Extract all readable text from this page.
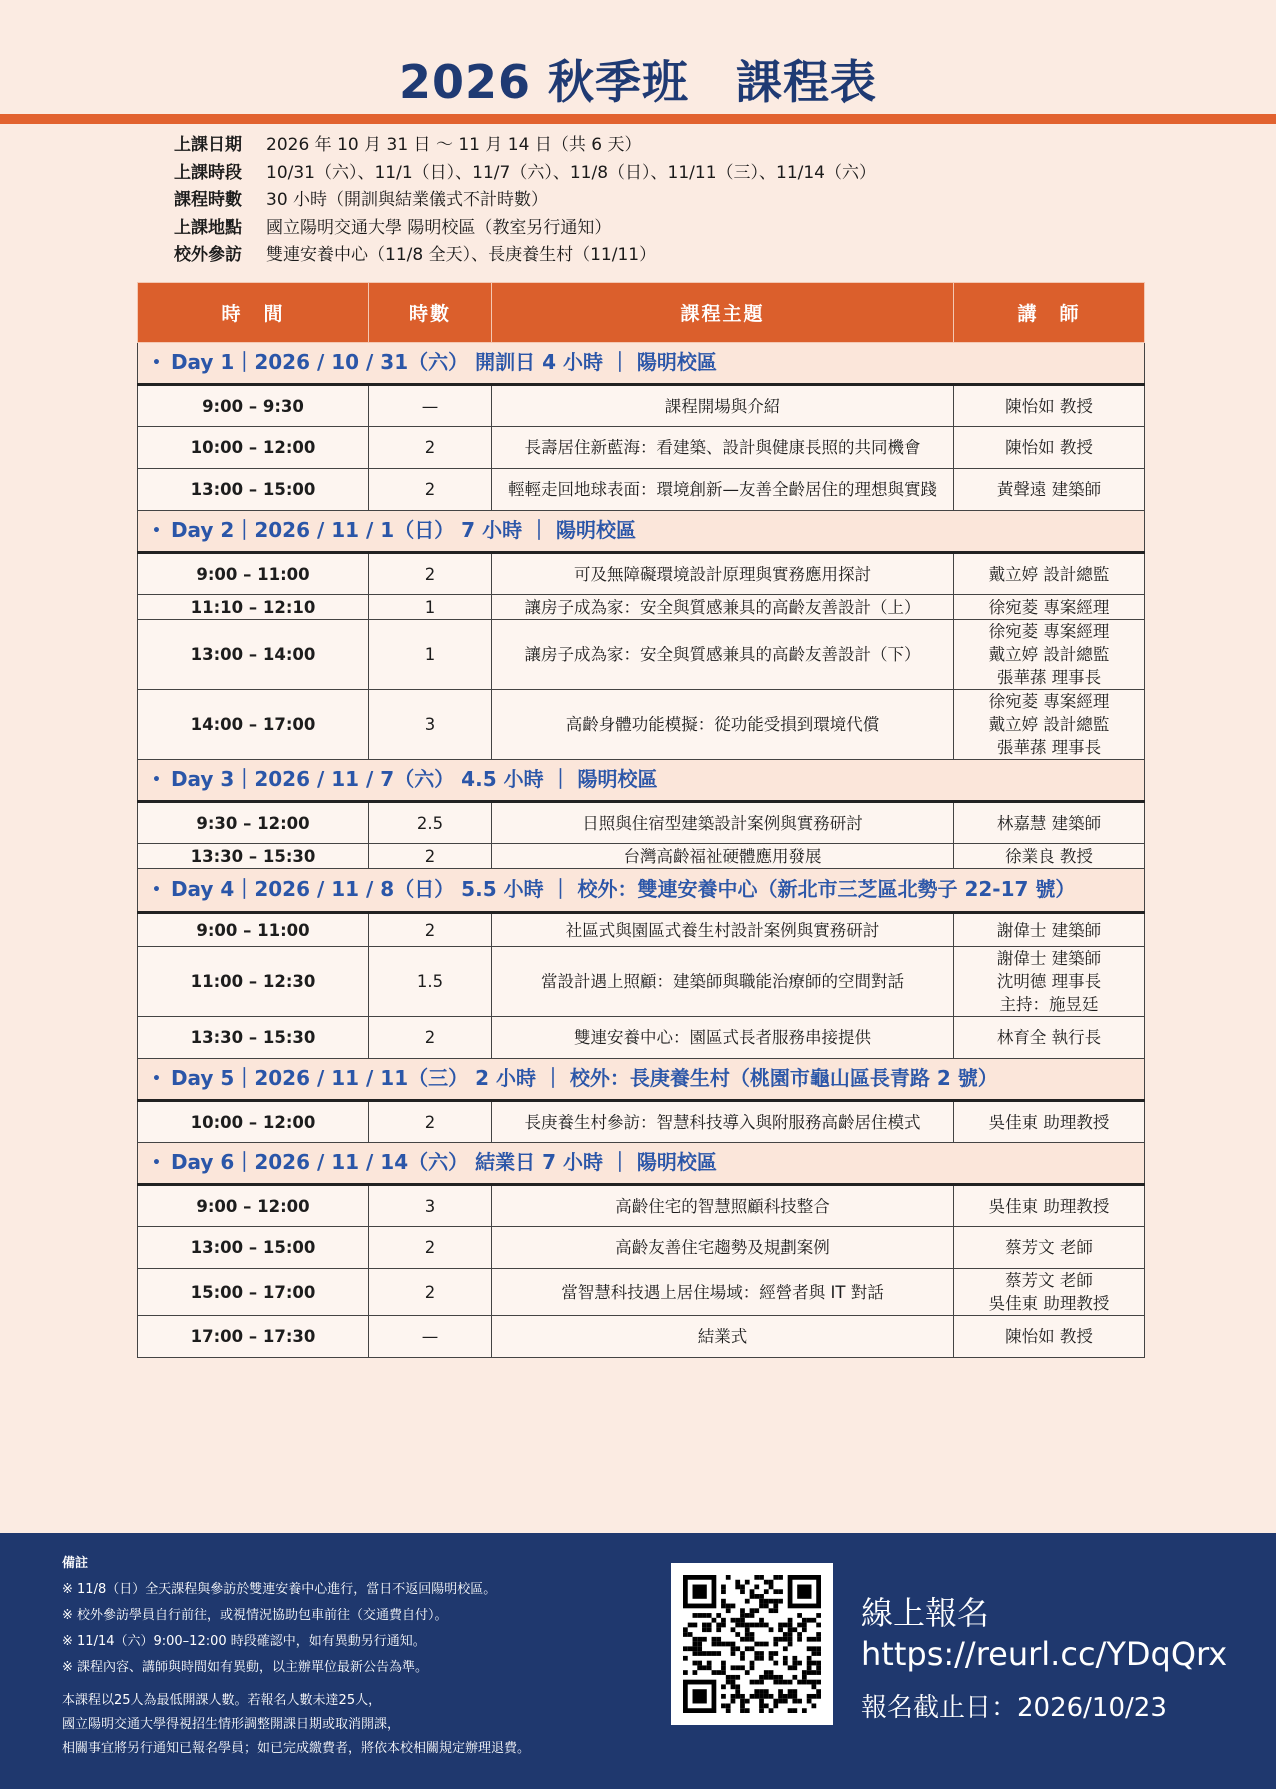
2026 秋季班　課程表
上課日期	2026 年 10 月 31 日 ～ 11 月 14 日（共 6 天）
上課時段	10/31（六）、11/1（日）、11/7（六）、11/8（日）、11/11（三）、11/14（六）
課程時數	30 小時（開訓與結業儀式不計時數）
上課地點	國立陽明交通大學 陽明校區（教室另行通知）
校外參訪	雙連安養中心（11/8 全天）、長庚養生村（11/11）
時　間	時數	課程主題	講　師
• Day 1｜2026 / 10 / 31（六） 開訓日 4 小時 ｜ 陽明校區			
9:00 – 9:30	—	課程開場與介紹	陳怡如 教授

10:00 – 12:00	2	長壽居住新藍海：看建築、設計與健康長照的共同機會	陳怡如 教授

13:00 – 15:00	2	輕輕走回地球表面：環境創新—友善全齡居住的理想與實踐	黃聲遠 建築師

• Day 2｜2026 / 11 / 1（日） 7 小時 ｜ 陽明校區			
9:00 – 11:00	2	可及無障礙環境設計原理與實務應用探討	戴立婷 設計總監

11:10 – 12:10	1	讓房子成為家：安全與質感兼具的高齡友善設計（上）	徐宛菱 專案經理

13:00 – 14:00	1	讓房子成為家：安全與質感兼具的高齡友善設計（下）	徐宛菱 專案經理
戴立婷 設計總監
張華蓀 理事長

14:00 – 17:00	3	高齡身體功能模擬：從功能受損到環境代償	徐宛菱 專案經理
戴立婷 設計總監
張華蓀 理事長

• Day 3｜2026 / 11 / 7（六） 4.5 小時 ｜ 陽明校區			
9:30 – 12:00	2.5	日照與住宿型建築設計案例與實務研討	林嘉慧 建築師

13:30 – 15:30	2	台灣高齡福祉硬體應用發展	徐業良 教授

• Day 4｜2026 / 11 / 8（日） 5.5 小時 ｜ 校外：雙連安養中心（新北市三芝區北勢子 22-17 號）			
9:00 – 11:00	2	社區式與園區式養生村設計案例與實務研討	謝偉士 建築師

11:00 – 12:30	1.5	當設計遇上照顧：建築師與職能治療師的空間對話	謝偉士 建築師
沈明德 理事長
主持：施昱廷

13:30 – 15:30	2	雙連安養中心：園區式長者服務串接提供	林育全 執行長

• Day 5｜2026 / 11 / 11（三） 2 小時 ｜ 校外：長庚養生村（桃園市龜山區長青路 2 號）			
10:00 – 12:00	2	長庚養生村參訪：智慧科技導入與附服務高齡居住模式	吳佳東 助理教授

• Day 6｜2026 / 11 / 14（六） 結業日 7 小時 ｜ 陽明校區			
9:00 – 12:00	3	高齡住宅的智慧照顧科技整合	吳佳東 助理教授

13:00 – 15:00	2	高齡友善住宅趨勢及規劃案例	蔡芳文 老師

15:00 – 17:00	2	當智慧科技遇上居住場域：經營者與 IT 對話	蔡芳文 老師
吳佳東 助理教授

17:00 – 17:30	—	結業式	陳怡如 教授
備註
※ 11/8（日）全天課程與參訪於雙連安養中心進行，當日不返回陽明校區。
※ 校外參訪學員自行前往，或視情況協助包車前往（交通費自付）。
※ 11/14（六）9:00–12:00 時段確認中，如有異動另行通知。
※ 課程內容、講師與時間如有異動，以主辦單位最新公告為準。
本課程以25人為最低開課人數。若報名人數未達25人，
國立陽明交通大學得視招生情形調整開課日期或取消開課，
相關事宜將另行通知已報名學員；如已完成繳費者，將依本校相關規定辦理退費。
線上報名
https://reurl.cc/YDqQrx
報名截止日：2026/10/23
